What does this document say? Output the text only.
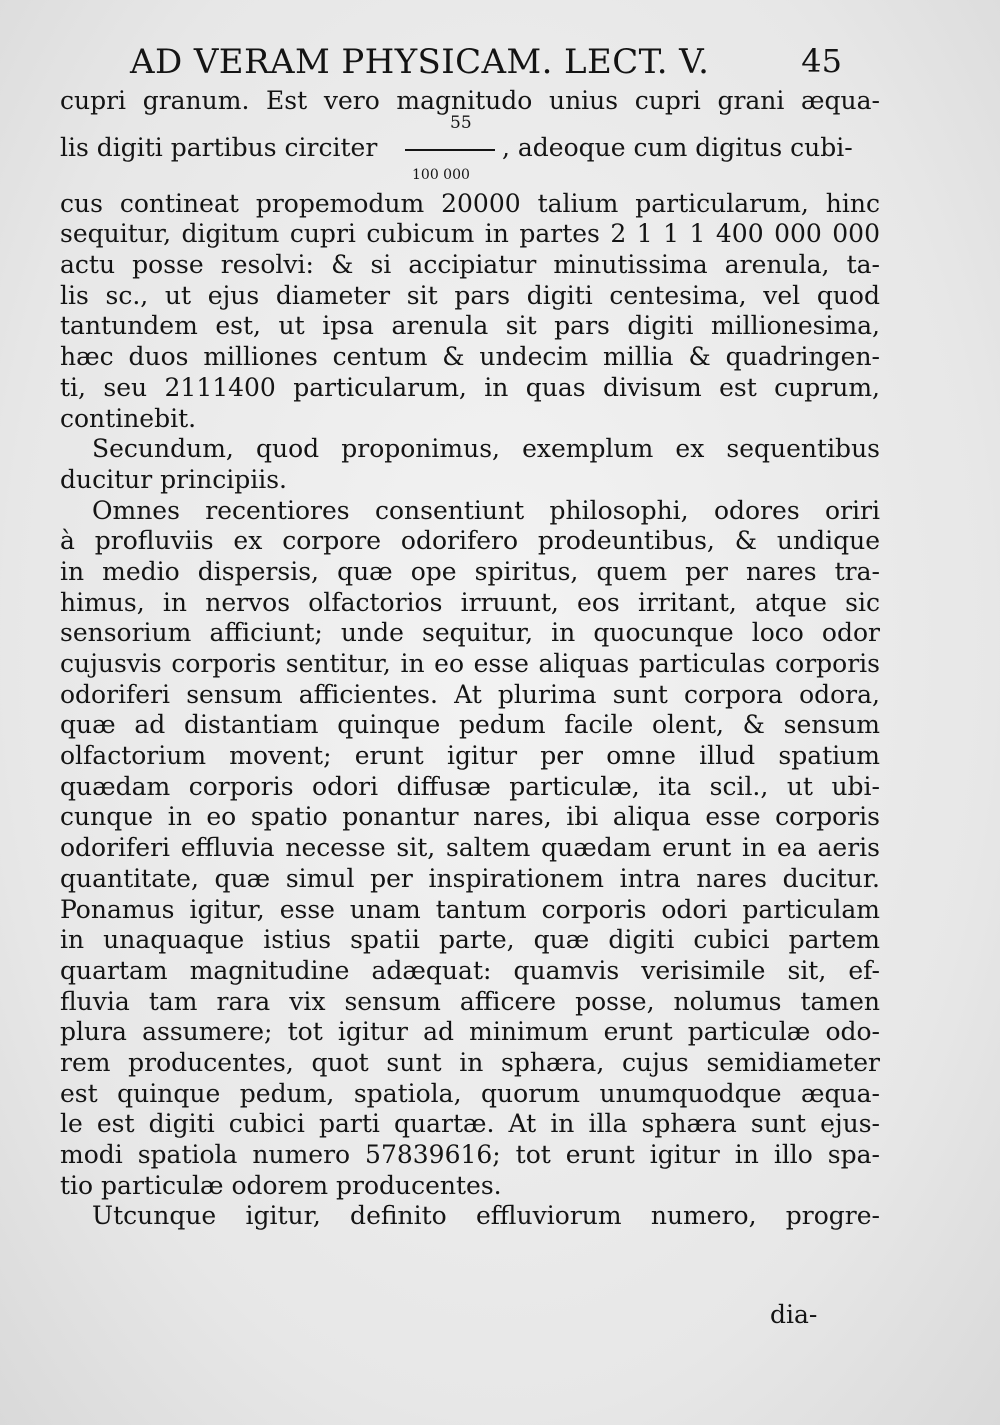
AD VERAM PHYSICAM. LECT. V.	45
cupri granum. Est vero magnitudo unius cupri grani æqua-
lis digiti partibus circiter
55
100 000
, adeoque cum digitus cubi-
cus contineat propemodum 20000 talium particularum, hinc
sequitur, digitum cupri cubicum in partes 2 1 1 1 400 000 000
actu posse resolvi: & si accipiatur minutissima arenula, ta-
lis sc., ut ejus diameter sit pars digiti centesima, vel quod
tantundem est, ut ipsa arenula sit pars digiti millionesima,
hæc duos milliones centum & undecim millia & quadringen-
ti, seu 2111400 particularum, in quas divisum est cuprum,
continebit.
Secundum, quod proponimus, exemplum ex sequentibus
ducitur principiis.
Omnes recentiores consentiunt philosophi, odores oriri
à profluviis ex corpore odorifero prodeuntibus, & undique
in medio dispersis, quæ ope spiritus, quem per nares tra-
himus, in nervos olfactorios irruunt, eos irritant, atque sic
sensorium afficiunt; unde sequitur, in quocunque loco odor
cujusvis corporis sentitur, in eo esse aliquas particulas corporis
odoriferi sensum afficientes. At plurima sunt corpora odora,
quæ ad distantiam quinque pedum facile olent, & sensum
olfactorium movent; erunt igitur per omne illud spatium
quædam corporis odori diffusæ particulæ, ita scil., ut ubi-
cunque in eo spatio ponantur nares, ibi aliqua esse corporis
odoriferi effluvia necesse sit, saltem quædam erunt in ea aeris
quantitate, quæ simul per inspirationem intra nares ducitur.
Ponamus igitur, esse unam tantum corporis odori particulam
in unaquaque istius spatii parte, quæ digiti cubici partem
quartam magnitudine adæquat: quamvis verisimile sit, ef-
fluvia tam rara vix sensum afficere posse, nolumus tamen
plura assumere; tot igitur ad minimum erunt particulæ odo-
rem producentes, quot sunt in sphæra, cujus semidiameter
est quinque pedum, spatiola, quorum unumquodque æqua-
le est digiti cubici parti quartæ. At in illa sphæra sunt ejus-
modi spatiola numero 57839616; tot erunt igitur in illo spa-
tio particulæ odorem producentes.
Utcunque igitur, definito effluviorum numero, progre-
dia-
